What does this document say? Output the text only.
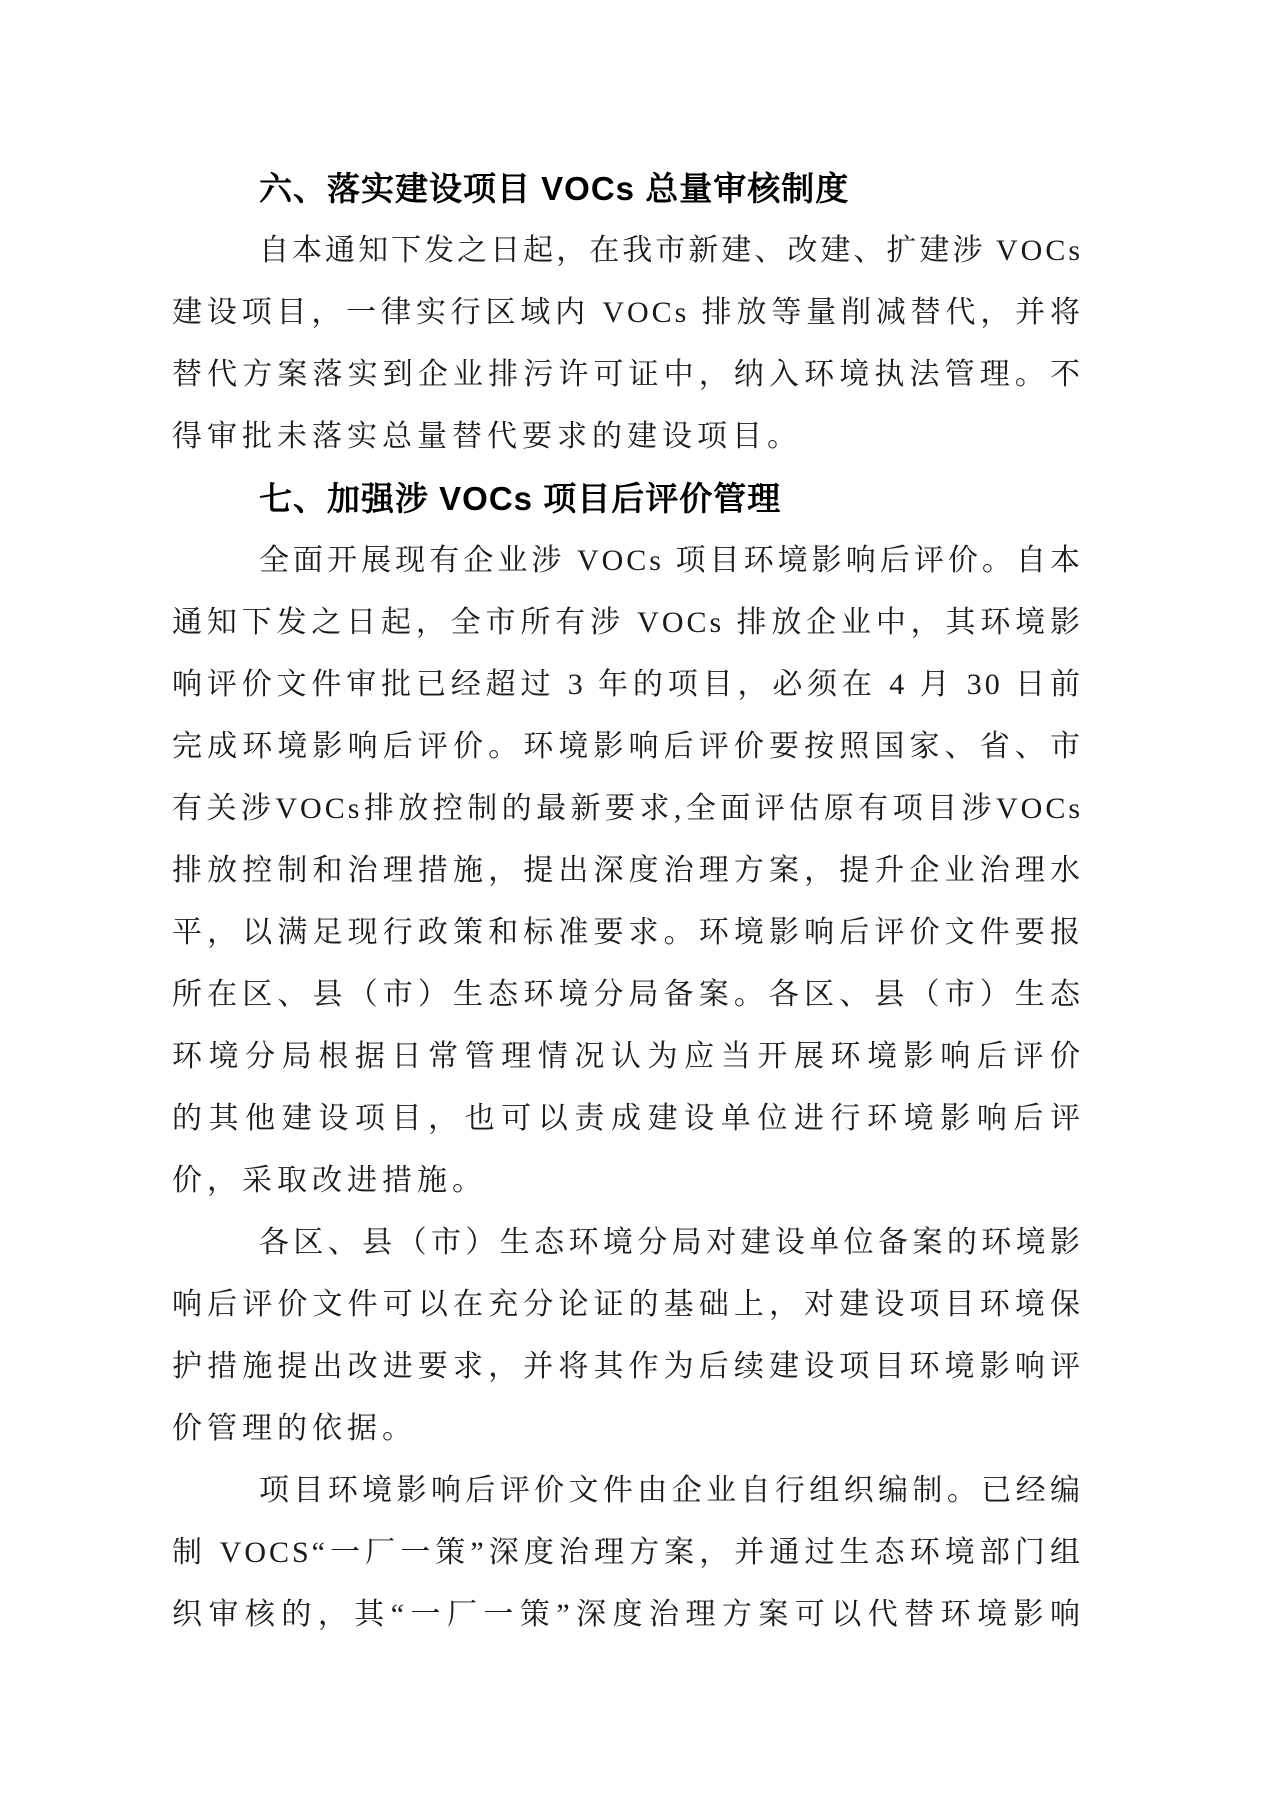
六、落实建设项目 VOCs 总量审核制度
自本通知下发之日起，在我市新建、改建、扩建涉 VOCs
建设项目，一律实行区域内 VOCs 排放等量削减替代，并将
替代方案落实到企业排污许可证中，纳入环境执法管理。不
得审批未落实总量替代要求的建设项目。
七、加强涉 VOCs 项目后评价管理
全面开展现有企业涉 VOCs 项目环境影响后评价。自本
通知下发之日起，全市所有涉 VOCs 排放企业中，其环境影
响评价文件审批已经超过 3 年的项目，必须在 4 月 30 日前
完成环境影响后评价。环境影响后评价要按照国家、省、市
有关涉VOCs排放控制的最新要求,全面评估原有项目涉VOCs
排放控制和治理措施，提出深度治理方案，提升企业治理水
平，以满足现行政策和标准要求。环境影响后评价文件要报
所在区、县（市）生态环境分局备案。各区、县（市）生态
环境分局根据日常管理情况认为应当开展环境影响后评价
的其他建设项目，也可以责成建设单位进行环境影响后评
价，采取改进措施。
各区、县（市）生态环境分局对建设单位备案的环境影
响后评价文件可以在充分论证的基础上，对建设项目环境保
护措施提出改进要求，并将其作为后续建设项目环境影响评
价管理的依据。
项目环境影响后评价文件由企业自行组织编制。已经编
制 VOCS“一厂一策”深度治理方案，并通过生态环境部门组
织审核的，其“一厂一策”深度治理方案可以代替环境影响
